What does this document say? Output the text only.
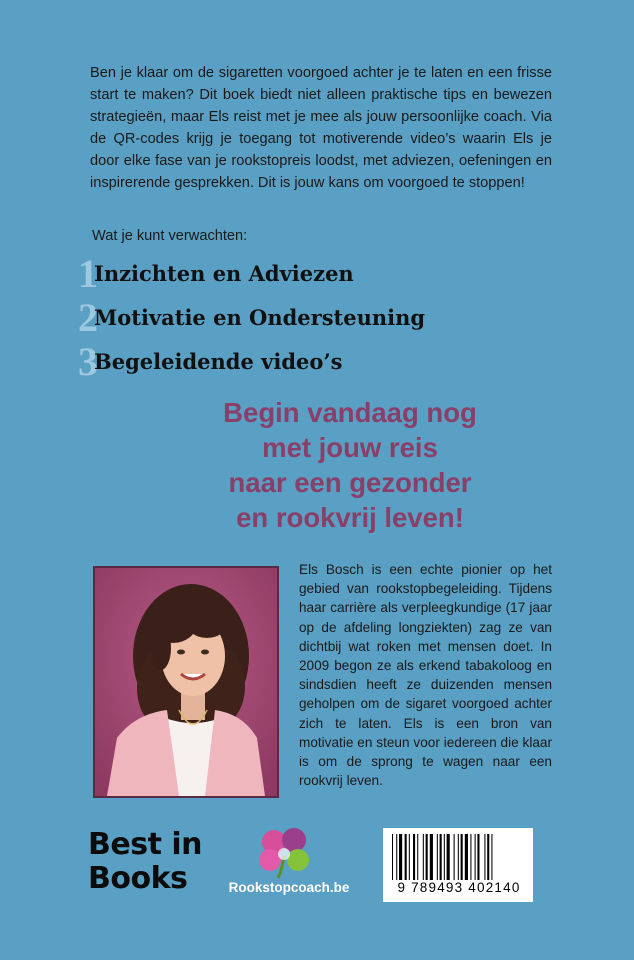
Ben je klaar om de sigaretten voorgoed achter je te laten en een frisse start te maken? Dit boek biedt niet alleen praktische tips en bewezen strategieën, maar Els reist met je mee als jouw persoonlijke coach. Via de QR-codes krijg je toegang tot motiverende video’s waarin Els je door elke fase van je rookstopreis loodst, met adviezen, oefeningen en inspirerende gesprekken. Dit is jouw kans om voorgoed te stoppen!

Wat je kunt verwachten:

1
Inzichten en Adviezen
2
Motivatie en Ondersteuning
3
Begeleidende video’s

Begin vandaag nog
met jouw reis
naar een gezonder
en rookvrij leven!

Els Bosch is een echte pionier op het gebied van rookstopbegeleiding. Tijdens haar carrière als verpleegkundige (17 jaar op de afdeling longziekten) zag ze van dichtbij wat roken met mensen doet. In 2009 begon ze als erkend tabakoloog en sindsdien heeft ze duizenden mensen geholpen om de sigaret voorgoed achter zich te laten. Els is een bron van motivatie en steun voor iedereen die klaar is om de sprong te wagen naar een rookvrij leven.

Best in
Books	Rookstopcoach.be	9 789493 402140
